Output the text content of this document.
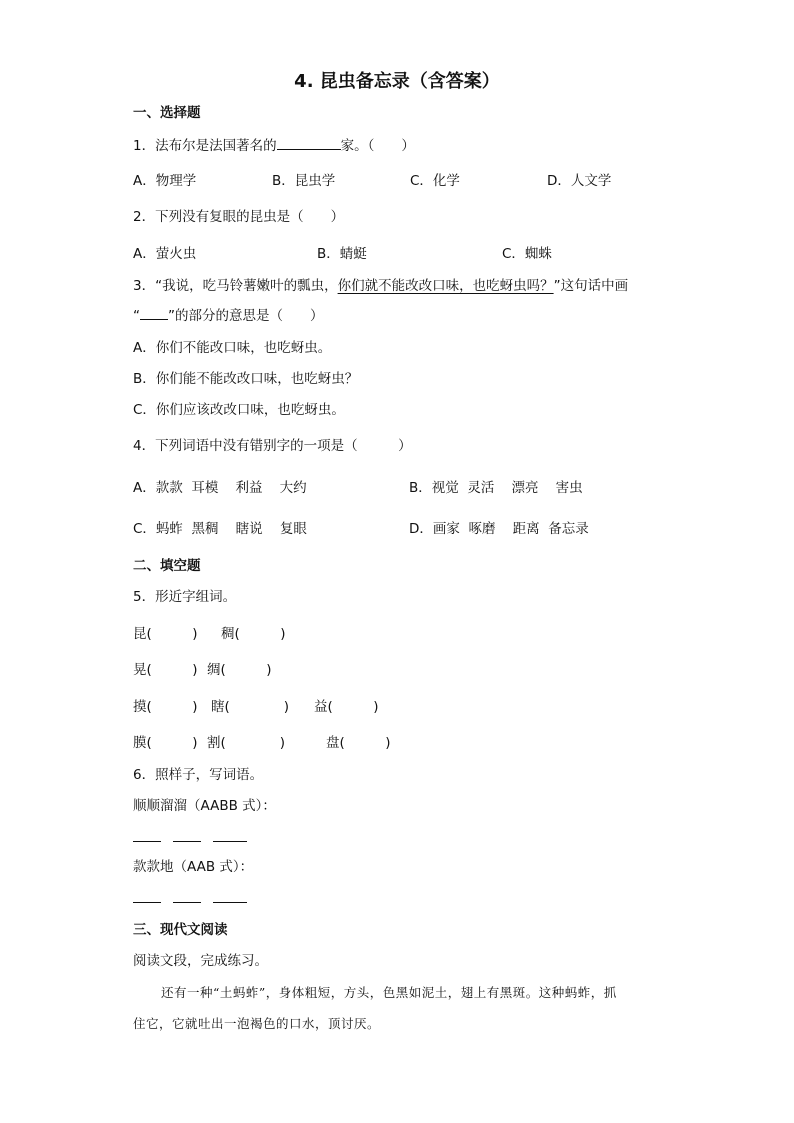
4. 昆虫备忘录（含答案）
一、选择题
1．法布尔是法国著名的	家。（　　）
A．物理学	B．昆虫学	C．化学	D．人文学
2．下列没有复眼的昆虫是（　　）
A．萤火虫	B．蜻蜓	C．蜘蛛
3．“我说，吃马铃薯嫩叶的瓢虫，你们就不能改改口味，也吃蚜虫吗？”这句话中画
“ ”的部分的意思是（　　）
A．你们不能改口味，也吃蚜虫。
B．你们能不能改改口味，也吃蚜虫？
C．你们应该改改口味，也吃蚜虫。
4．下列词语中没有错别字的一项是（　　　）
A．款款  耳模    利益    大约	B．视觉  灵活    漂亮    害虫
C．蚂蚱  黑稠    瞎说    复眼	D．画家  啄磨    距离  备忘录
二、填空题
5．形近字组词。
昆(　　　) 稠(　　　)
晃(　　　) 绸(　　　)
摸(　　　) 瞎(　　　　) 益(　　　)
膜(　　　) 割(　　　　)	盘(　　　)
6．照样子，写词语。
顺顺溜溜（AABB 式）：
款款地（AAB 式）：
三、现代文阅读
阅读文段，完成练习。
还有一种“土蚂蚱”，身体粗短，方头，色黑如泥土，翅上有黑斑。这种蚂蚱，抓
住它，它就吐出一泡褐色的口水，顶讨厌。
